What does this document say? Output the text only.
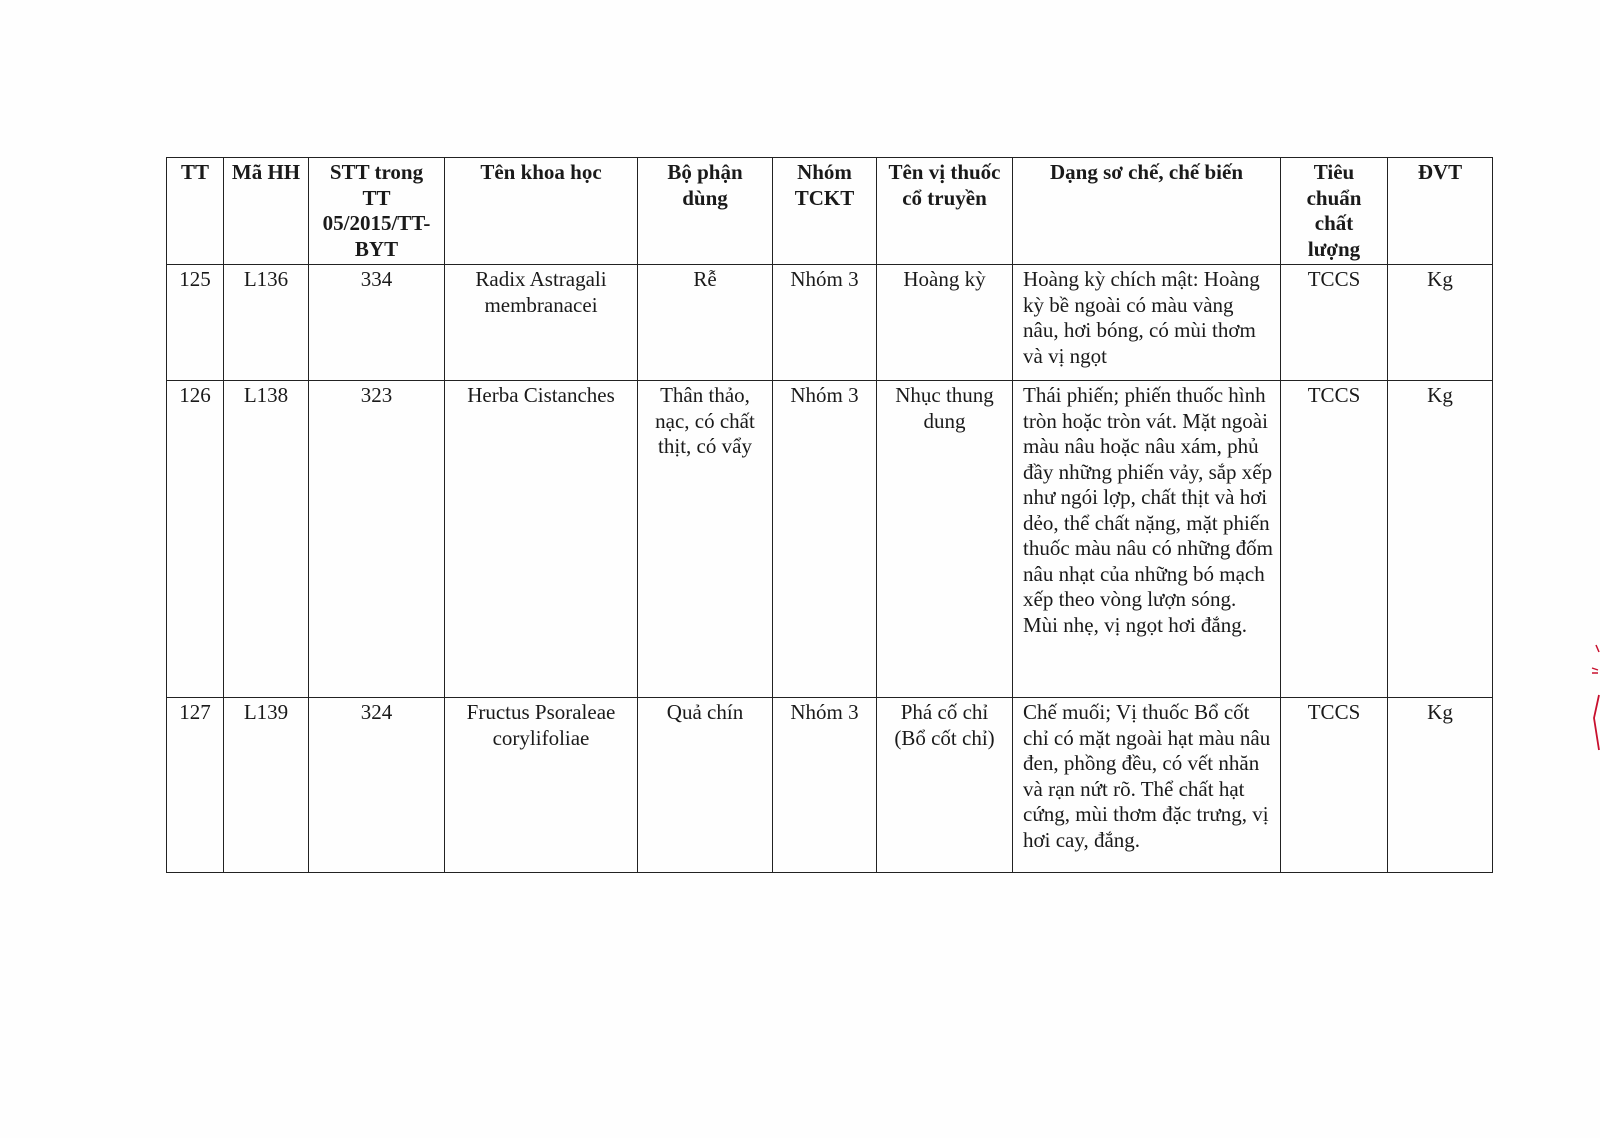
TT	Mã HH	STT trong TT 05/2015/TT-BYT	Tên khoa học	Bộ phận dùng	Nhóm TCKT	Tên vị thuốc cổ truyền	Dạng sơ chế, chế biến	Tiêu chuẩn chất lượng	ĐVT
125	L136	334	Radix Astragali membranacei	Rễ	Nhóm 3	Hoàng kỳ	Hoàng kỳ chích mật: Hoàng kỳ bề ngoài có màu vàng nâu, hơi bóng, có mùi thơm và vị ngọt	TCCS	Kg
126	L138	323	Herba Cistanches	Thân thảo, nạc, có chất thịt, có vẩy	Nhóm 3	Nhục thung dung	Thái phiến; phiến thuốc hình tròn hoặc tròn vát. Mặt ngoài màu nâu hoặc nâu xám, phủ đầy những phiến vảy, sắp xếp như ngói lợp, chất thịt và hơi dẻo, thể chất nặng, mặt phiến thuốc màu nâu có những đốm nâu nhạt của những bó mạch xếp theo vòng lượn sóng. Mùi nhẹ, vị ngọt hơi đắng.	TCCS	Kg
127	L139	324	Fructus Psoraleae corylifoliae	Quả chín	Nhóm 3	Phá cố chỉ (Bổ cốt chỉ)	Chế muối; Vị thuốc Bổ cốt chỉ có mặt ngoài hạt màu nâu đen, phồng đều, có vết nhăn và rạn nứt rõ. Thể chất hạt cứng, mùi thơm đặc trưng, vị hơi cay, đắng.	TCCS	Kg
